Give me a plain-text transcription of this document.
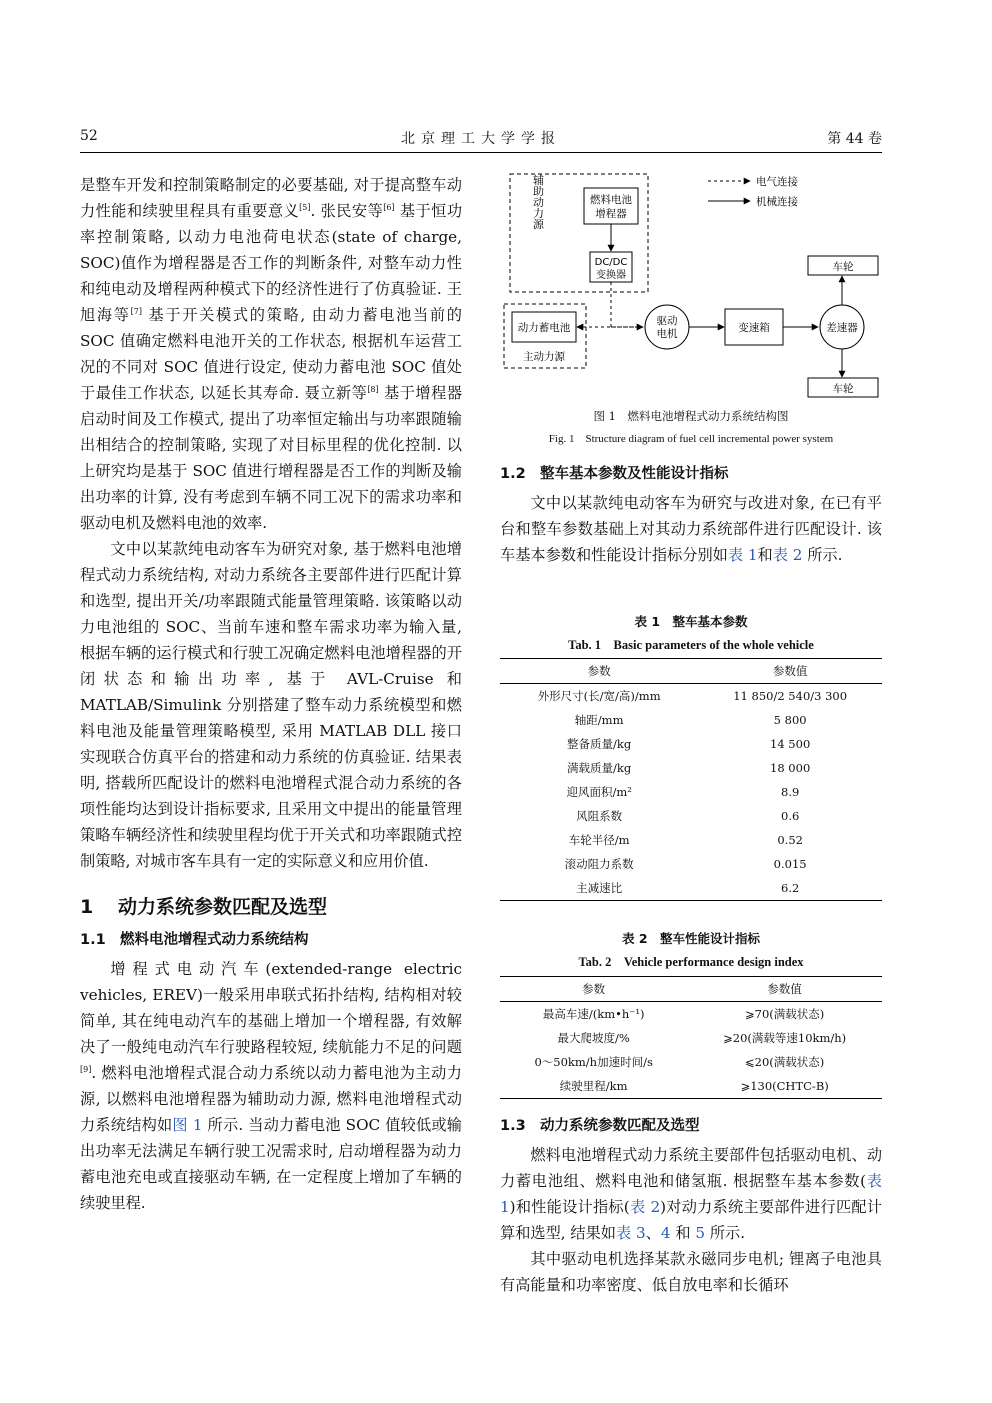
52	北京理工大学学报	第 44 卷

是整车开发和控制策略制定的必要基础, 对于提高整车动力性能和续驶里程具有重要意义[5]. 张民安等[6] 基于恒功率控制策略, 以动力电池荷电状态(state of charge, SOC)值作为增程器是否工作的判断条件, 对整车动力性和纯电动及增程两种模式下的经济性进行了仿真验证. 王旭海等[7] 基于开关模式的策略, 由动力蓄电池当前的 SOC 值确定燃料电池开关的工作状态, 根据机车运营工况的不同对 SOC 值进行设定, 使动力蓄电池 SOC 值处于最佳工作状态, 以延长其寿命. 聂立新等[8] 基于增程器启动时间及工作模式, 提出了功率恒定输出与功率跟随输出相结合的控制策略, 实现了对目标里程的优化控制. 以上研究均是基于 SOC 值进行增程器是否工作的判断及输出功率的计算, 没有考虑到车辆不同工况下的需求功率和驱动电机及燃料电池的效率.

文中以某款纯电动客车为研究对象, 基于燃料电池增程式动力系统结构, 对动力系统各主要部件进行匹配计算和选型, 提出开关/功率跟随式能量管理策略. 该策略以动力电池组的 SOC、当前车速和整车需求功率为输入量, 根据车辆的运行模式和行驶工况确定燃料电池增程器的开闭状态和输出功率, 基于 AVL-Cruise 和 MATLAB/Simulink 分别搭建了整车动力系统模型和燃料电池及能量管理策略模型, 采用 MATLAB DLL 接口实现联合仿真平台的搭建和动力系统的仿真验证. 结果表明, 搭载所匹配设计的燃料电池增程式混合动力系统的各项性能均达到设计指标要求, 且采用文中提出的能量管理策略车辆经济性和续驶里程均优于开关式和功率跟随式控制策略, 对城市客车具有一定的实际意义和应用价值.

1 动力系统参数匹配及选型
1.1 燃料电池增程式动力系统结构

增程式电动汽车(extended-range electric vehicles, EREV)一般采用串联式拓扑结构, 结构相对较简单, 其在纯电动汽车的基础上增加一个增程器, 有效解决了一般纯电动汽车行驶路程较短, 续航能力不足的问题[9]. 燃料电池增程式混合动力系统以动力蓄电池为主动力源, 以燃料电池增程器为辅助动力源, 燃料电池增程式动力系统结构如图 1 所示. 当动力蓄电池 SOC 值较低或输出功率无法满足车辆行驶工况需求时, 启动增程器为动力蓄电池充电或直接驱动车辆, 在一定程度上增加了车辆的续驶里程.

辅助动力源	燃料电池
增程器
DC/DC
变换器
动力蓄电池
主动力源
驱动
电机	变速箱	差速器
车轮
车轮
电气连接
机械连接
图 1　燃料电池增程式动力系统结构图
Fig. 1　Structure diagram of fuel cell incremental power system
1.2 整车基本参数及性能设计指标

文中以某款纯电动客车为研究与改进对象, 在已有平台和整车参数基础上对其动力系统部件进行匹配设计. 该车基本参数和性能设计指标分别如表 1和表 2 所示.

表 1　整车基本参数
Tab. 1　Basic parameters of the whole vehicle
参数	参数值
外形尺寸(长/宽/高)/mm	11 850/2 540/3 300
轴距/mm	5 800
整备质量/kg	14 500
满载质量/kg	18 000
迎风面积/m²	8.9
风阻系数	0.6
车轮半径/m	0.52
滚动阻力系数	0.015
主减速比	6.2
表 2　整车性能设计指标
Tab. 2　Vehicle performance design index
参数	参数值
最高车速/(km•h⁻¹)	⩾70(满载状态)
最大爬坡度/%	⩾20(满载等速10km/h)
0～50km/h加速时间/s	⩽20(满载状态)
续驶里程/km	⩾130(CHTC-B)
1.3 动力系统参数匹配及选型

燃料电池增程式动力系统主要部件包括驱动电机、动力蓄电池组、燃料电池和储氢瓶. 根据整车基本参数(表 1)和性能设计指标(表 2)对动力系统主要部件进行匹配计算和选型, 结果如表 3、4 和 5 所示.

其中驱动电机选择某款永磁同步电机; 锂离子电池具有高能量和功率密度、低自放电率和长循环
